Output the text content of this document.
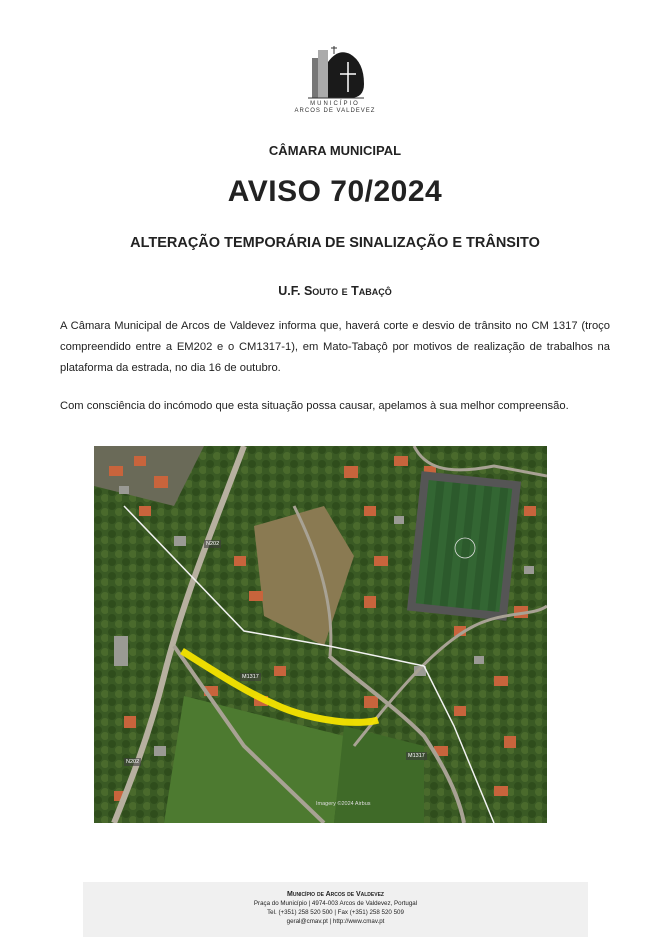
MUNICÍPIO
ARCOS DE VALDEVEZ
CÂMARA MUNICIPAL
AVISO 70/2024
ALTERAÇÃO TEMPORÁRIA DE SINALIZAÇÃO E TRÂNSITO
U.F. Souto e Tabaçô
A Câmara Municipal de Arcos de Valdevez informa que, haverá corte e desvio de trânsito no CM 1317 (troço compreendido entre a EM202 e o CM1317-1), em Mato-Tabaçô por motivos de realização de trabalhos na plataforma da estrada, no dia 16 de outubro.
Com consciência do incómodo que esta situação possa causar, apelamos à sua melhor compreensão.
N202
N202
M1317
M1317
Imagery ©2024 Airbus
Município de Arcos de Valdevez
Praça do Município | 4974-003 Arcos de Valdevez, Portugal
Tel. (+351) 258 520 500 | Fax (+351) 258 520 509
geral@cmav.pt | http://www.cmav.pt
